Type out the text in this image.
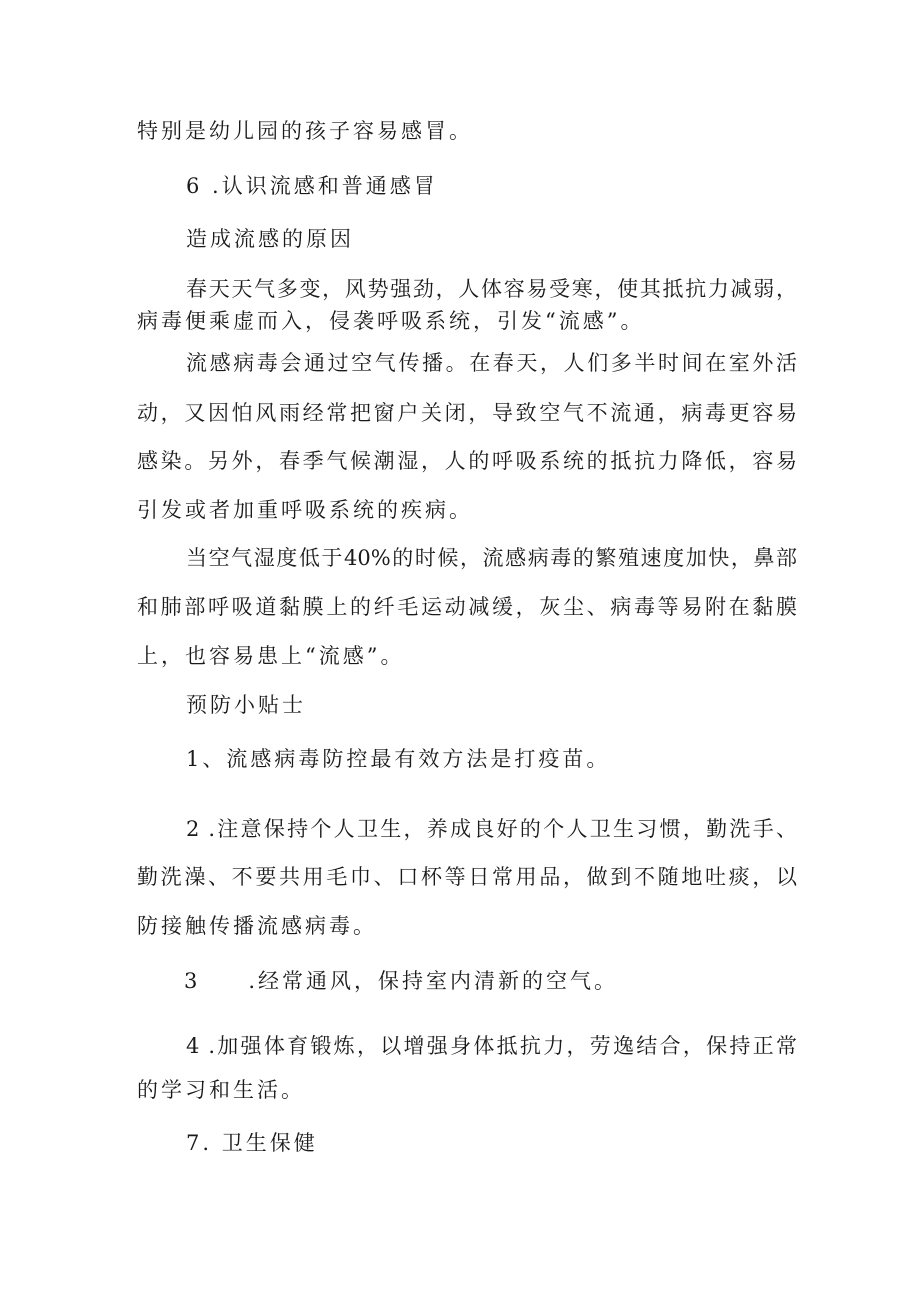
特别是幼儿园的孩子容易感冒。
6 .认识流感和普通感冒
造成流感的原因
春天天气多变，风势强劲，人体容易受寒，使其抵抗力减弱，
病毒便乘虚而入，侵袭呼吸系统，引发“流感”。
流感病毒会通过空气传播。在春天，人们多半时间在室外活
动，又因怕风雨经常把窗户关闭，导致空气不流通，病毒更容易
感染。另外，春季气候潮湿，人的呼吸系统的抵抗力降低，容易
引发或者加重呼吸系统的疾病。
当空气湿度低于40%的时候，流感病毒的繁殖速度加快，鼻部
和肺部呼吸道黏膜上的纤毛运动减缓，灰尘、病毒等易附在黏膜
上，也容易患上“流感”。
预防小贴士
1、流感病毒防控最有效方法是打疫苗。
2 .注意保持个人卫生，养成良好的个人卫生习惯，勤洗手、
勤洗澡、不要共用毛巾、口杯等日常用品，做到不随地吐痰，以
防接触传播流感病毒。
3　　.经常通风，保持室内清新的空气。
4 .加强体育锻炼，以增强身体抵抗力，劳逸结合，保持正常
的学习和生活。
7. 卫生保健
